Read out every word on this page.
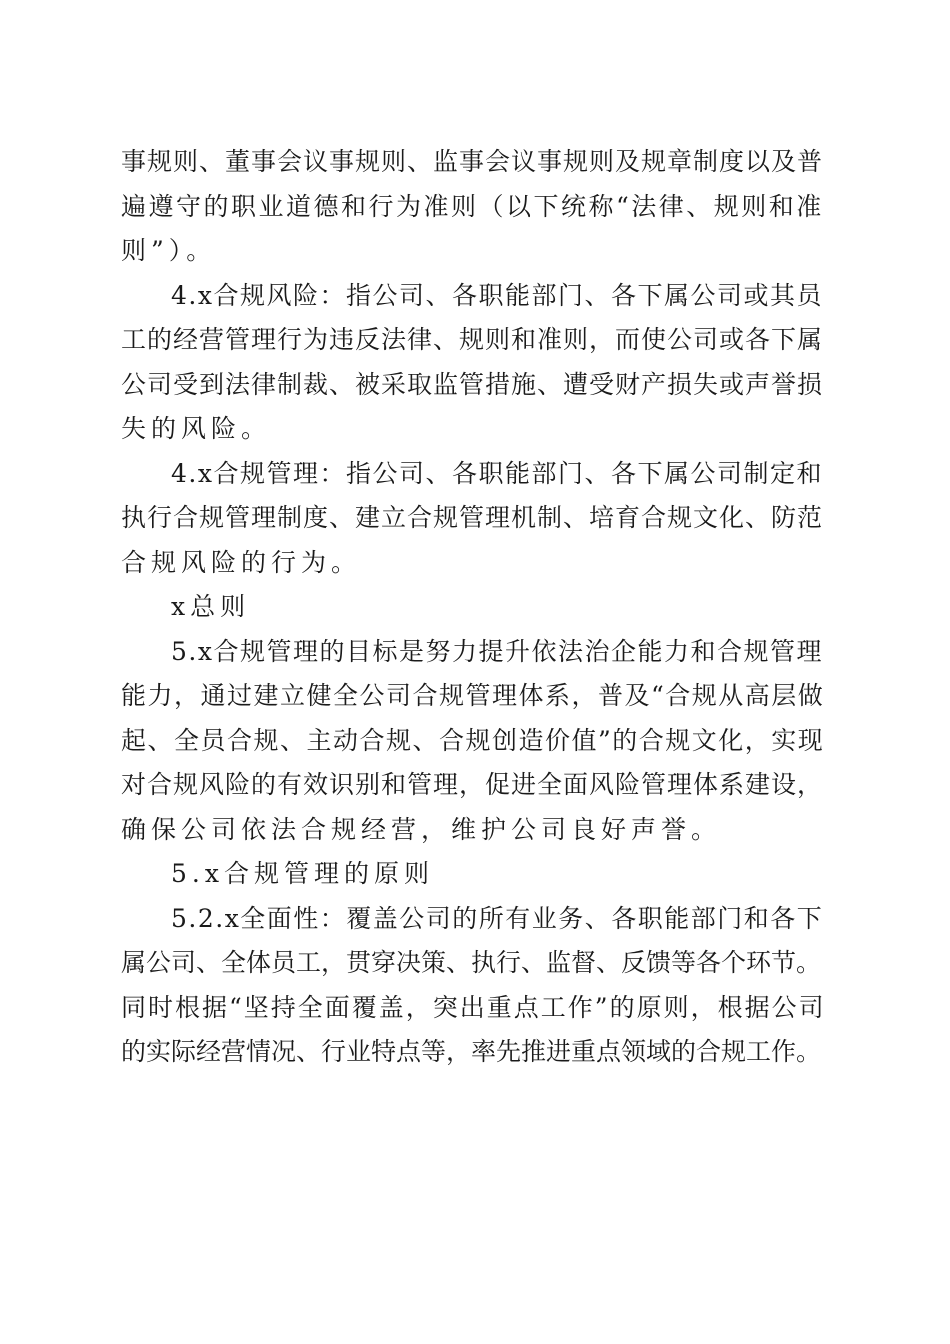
事规则、董事会议事规则、监事会议事规则及规章制度以及普
遍遵守的职业道德和行为准则（以下统称“法律、规则和准
则”）。
4.x合规风险：指公司、各职能部门、各下属公司或其员
工的经营管理行为违反法律、规则和准则，而使公司或各下属
公司受到法律制裁、被采取监管措施、遭受财产损失或声誉损
失的风险。
4.x合规管理：指公司、各职能部门、各下属公司制定和
执行合规管理制度、建立合规管理机制、培育合规文化、防范
合规风险的行为。
x总则
5.x合规管理的目标是努力提升依法治企能力和合规管理
能力，通过建立健全公司合规管理体系，普及“合规从高层做
起、全员合规、主动合规、合规创造价值”的合规文化，实现
对合规风险的有效识别和管理，促进全面风险管理体系建设，
确保公司依法合规经营，维护公司良好声誉。
5.x合规管理的原则
5.2.x全面性：覆盖公司的所有业务、各职能部门和各下
属公司、全体员工，贯穿决策、执行、监督、反馈等各个环节。
同时根据“坚持全面覆盖，突出重点工作”的原则，根据公司
的实际经营情况、行业特点等，率先推进重点领域的合规工作。
